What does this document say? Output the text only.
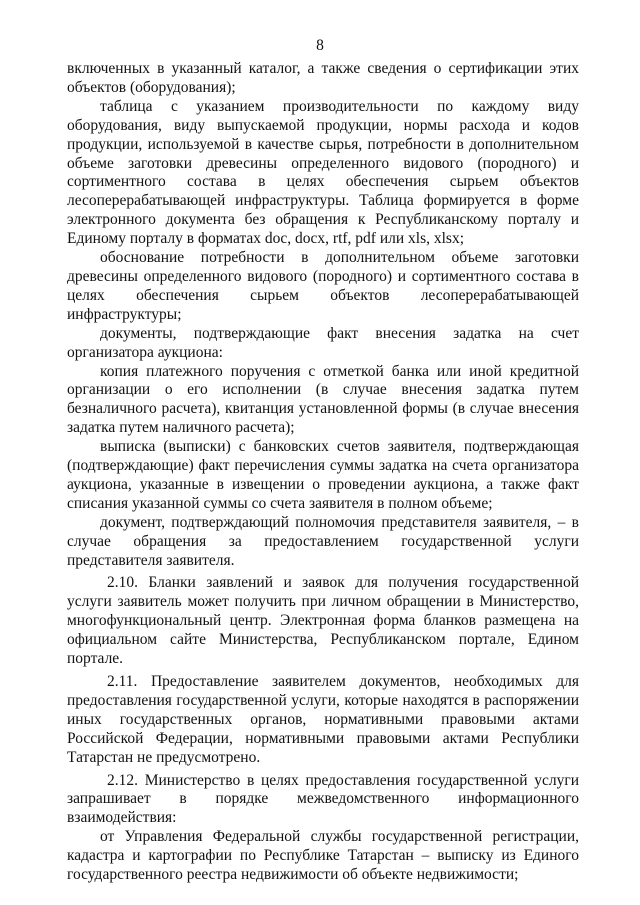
8

включенных в указанный каталог, а также сведения о сертификации этих объектов (оборудования);

таблица с указанием производительности по каждому виду оборудования, виду выпускаемой продукции, нормы расхода и кодов продукции, используемой в качестве сырья, потребности в дополнительном объеме заготовки древесины определенного видового (породного) и сортиментного состава в целях обеспечения сырьем объектов лесоперерабатывающей инфраструктуры. Таблица формируется в форме электронного документа без обращения к Республиканскому порталу и Единому порталу в форматах doc, docx, rtf, pdf или xls, xlsx;

обоснование потребности в дополнительном объеме заготовки древесины определенного видового (породного) и сортиментного состава в целях обеспечения сырьем объектов лесоперерабатывающей инфраструктуры;

документы, подтверждающие факт внесения задатка на счет организатора аукциона:

копия платежного поручения с отметкой банка или иной кредитной организации о его исполнении (в случае внесения задатка путем безналичного расчета), квитанция установленной формы (в случае внесения задатка путем наличного расчета);

выписка (выписки) с банковских счетов заявителя, подтверждающая (подтверждающие) факт перечисления суммы задатка на счета организатора аукциона, указанные в извещении о проведении аукциона, а также факт списания указанной суммы со счета заявителя в полном объеме;

документ, подтверждающий полномочия представителя заявителя, – в случае обращения за предоставлением государственной услуги представителя заявителя.

2.10. Бланки заявлений и заявок для получения государственной услуги заявитель может получить при личном обращении в Министерство, многофункциональный центр. Электронная форма бланков размещена на официальном сайте Министерства, Республиканском портале, Едином портале.

2.11. Предоставление заявителем документов, необходимых для предоставления государственной услуги, которые находятся в распоряжении иных государственных органов, нормативными правовыми актами Российской Федерации, нормативными правовыми актами Республики Татарстан не предусмотрено.

2.12. Министерство в целях предоставления государственной услуги запрашивает в порядке межведомственного информационного взаимодействия:

от Управления Федеральной службы государственной регистрации, кадастра и картографии по Республике Татарстан – выписку из Единого государственного реестра недвижимости об объекте недвижимости;
